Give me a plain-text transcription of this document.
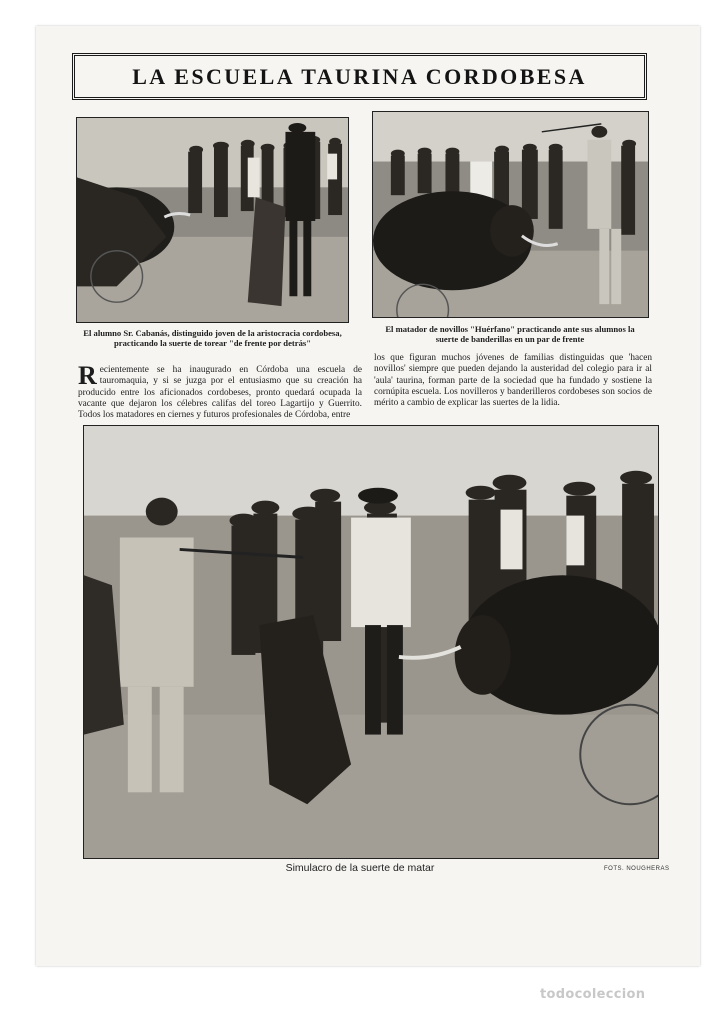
LA ESCUELA TAURINA CORDOBESA
El alumno Sr. Cabanás, distinguido joven de la aristocracia cordobesa, practicando la suerte de torear "de frente por detrás"
El matador de novillos "Huérfano" practicando ante sus alumnos la suerte de banderillas en un par de frente
Recientemente se ha inaugurado en Córdoba una escuela de tauromaquia, y si se juzga por el entusiasmo que su creación ha producido entre los aficionados cordobeses, pronto quedará ocupada la vacante que dejaron los célebres califas del toreo Lagartijo y Guerrito. Todos los matadores en ciernes y futuros profesionales de Córdoba, entre
los que figuran muchos jóvenes de familias distinguidas que 'hacen novillos' siempre que pueden dejando la austeridad del colegio para ir al 'aula' taurina, forman parte de la sociedad que ha fundado y sostiene la cornúpita escuela. Los novilleros y banderilleros cordobeses son socios de mérito a cambio de explicar las suertes de la lidia.
Simulacro de la suerte de matar	FOTS. NOUGHERAS
todocoleccion
